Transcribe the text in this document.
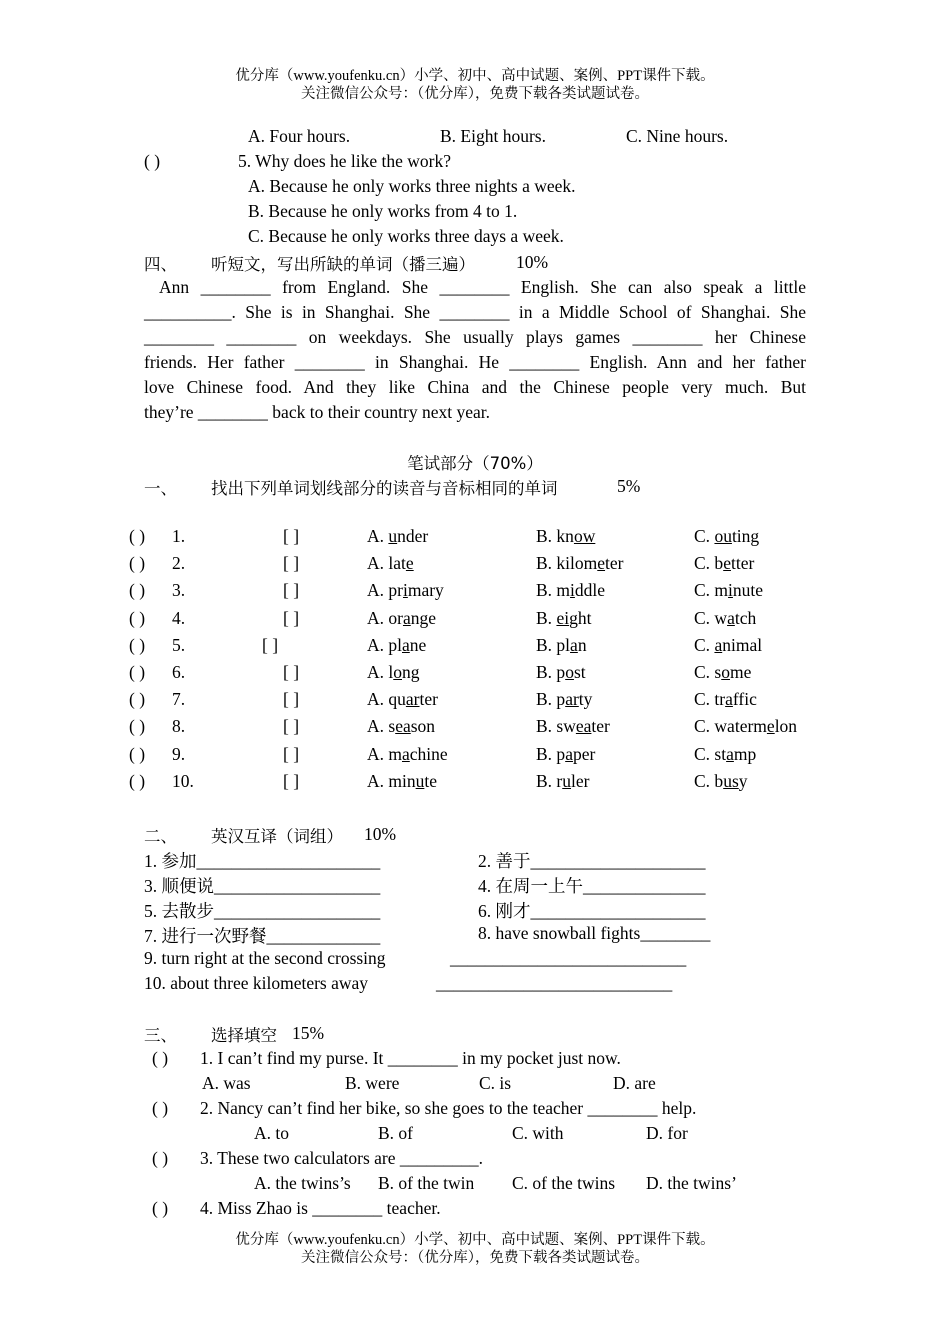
优分库（www.youfenku.cn）小学、初中、高中试题、案例、PPT课件下载。
关注微信公众号：（优分库），免费下载各类试题试卷。
A. Four hours.	B. Eight hours.	C. Nine hours.
( )	5. Why does he like the work?
A. Because he only works three nights a week.
B. Because he only works from 4 to 1.
C. Because he only works three days a week.
四、 听短文，写出所缺的单词（播三遍） 10%
Ann ________ from England. She ________ English. She can also speak a little
__________. She is in Shanghai. She ________ in a Middle School of Shanghai. She
________ ________ on weekdays. She usually plays games ________ her Chinese
friends. Her father ________ in Shanghai. He ________ English. Ann and her father
love Chinese food. And they like China and the Chinese people very much. But
they’re ________ back to their country next year.
笔试部分（70%）
一、 找出下列单词划线部分的读音与音标相同的单词	5%
( ) 1.	[ ]	A. under	B. know	C. outing
( ) 2.	[ ]	A. late	B. kilometer	C. better
( ) 3.	[ ]	A. primary	B. middle	C. minute
( ) 4.	[ ]	A. orange	B. eight	C. watch
( ) 5.	[ ]	A. plane	B. plan	C. animal
( ) 6.	[ ]	A. long	B. post	C. some
( ) 7.	[ ]	A. quarter	B. party	C. traffic
( ) 8.	[ ]	A. season	B. sweater	C. watermelon
( ) 9.	[ ]	A. machine	B. paper	C. stamp
( ) 10.	[ ]	A. minute	B. ruler	C. busy
二、 英汉互译（词组） 10%
1. 参加_____________________	2. 善于____________________
3. 顺便说___________________	4. 在周一上午______________
5. 去散步___________________	6. 刚才____________________
7. 进行一次野餐_____________	8. have snowball fights________
9. turn right at the second crossing	___________________________
10. about three kilometers away	___________________________
三、 选择填空 15%
( ) 1. I can’t find my purse. It ________ in my pocket just now.
A. was	B. were	C. is	D. are
( ) 2. Nancy can’t find her bike, so she goes to the teacher ________ help.
A. to	B. of	C. with	D. for
( ) 3. These two calculators are _________.
A. the twins’s B. of the twin C. of the twins D. the twins’
( ) 4. Miss Zhao is ________ teacher.
优分库（www.youfenku.cn）小学、初中、高中试题、案例、PPT课件下载。
关注微信公众号：（优分库），免费下载各类试题试卷。
